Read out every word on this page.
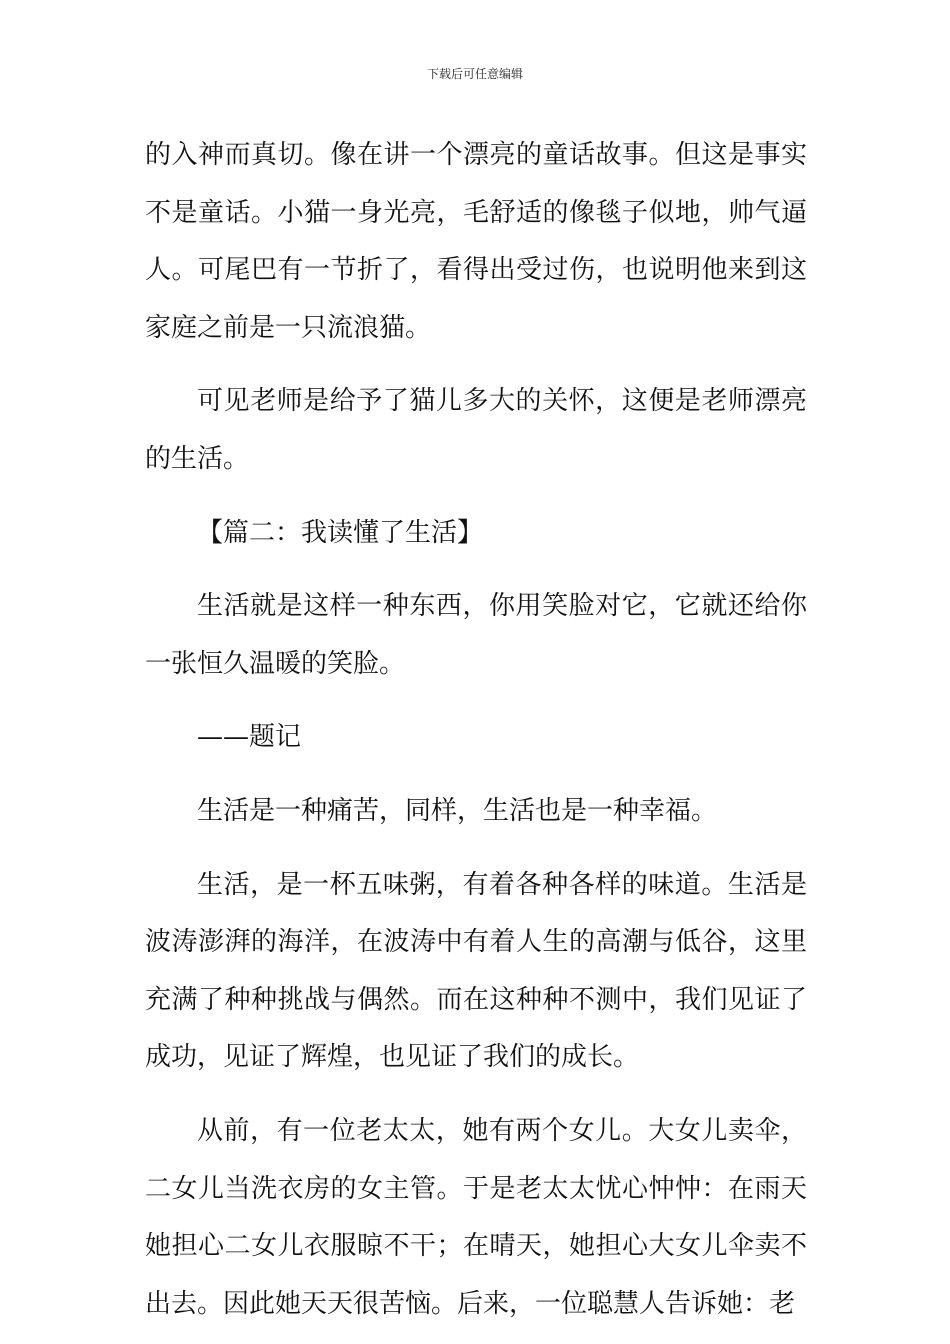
下载后可任意编辑
的入神而真切。像在讲一个漂亮的童话故事。但这是事实
不是童话。小猫一身光亮，毛舒适的像毯子似地，帅气逼
人。可尾巴有一节折了，看得出受过伤，也说明他来到这
家庭之前是一只流浪猫。
可见老师是给予了猫儿多大的关怀，这便是老师漂亮
的生活。
【篇二：我读懂了生活】
生活就是这样一种东西，你用笑脸对它，它就还给你
一张恒久温暖的笑脸。
——题记
生活是一种痛苦，同样，生活也是一种幸福。
生活，是一杯五味粥，有着各种各样的味道。生活是
波涛澎湃的海洋，在波涛中有着人生的高潮与低谷，这里
充满了种种挑战与偶然。而在这种种不测中，我们见证了
成功，见证了辉煌，也见证了我们的成长。
从前，有一位老太太，她有两个女儿。大女儿卖伞，
二女儿当洗衣房的女主管。于是老太太忧心忡忡：在雨天
她担心二女儿衣服晾不干；在晴天，她担心大女儿伞卖不
出去。因此她天天很苦恼。后来，一位聪慧人告诉她：老
